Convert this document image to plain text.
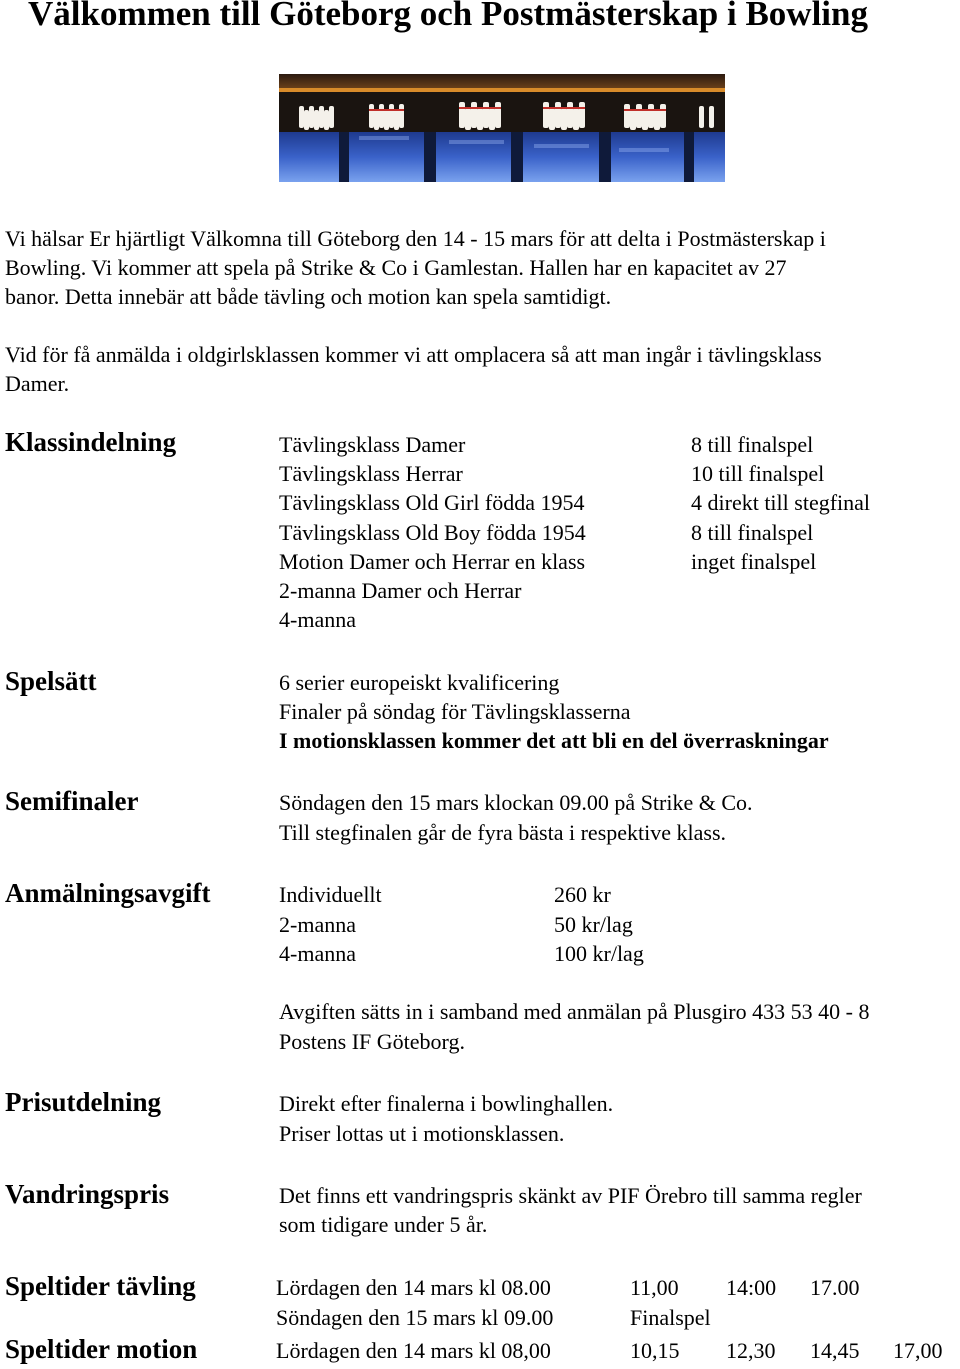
Välkommen till Göteborg och Postmästerskap i Bowling
Vi hälsar Er hjärtligt Välkomna till Göteborg den 14 - 15 mars för att delta i Postmästerskap i
Bowling. Vi kommer att spela på Strike & Co i Gamlestan. Hallen har en kapacitet av 27
banor. Detta innebär att både tävling och motion kan spela samtidigt.
Vid för få anmälda i oldgirlsklassen kommer vi att omplacera så att man ingår i tävlingsklass
Damer.
Klassindelning	Tävlingsklass Damer	8 till finalspel
Tävlingsklass Herrar	10 till finalspel
Tävlingsklass Old Girl födda 1954	4 direkt till stegfinal
Tävlingsklass Old Boy födda 1954	8 till finalspel
Motion Damer och Herrar en klass	inget finalspel
2-manna Damer och Herrar
4-manna
Spelsätt	6 serier europeiskt kvalificering
Finaler på söndag för Tävlingsklasserna
I motionsklassen kommer det att bli en del överraskningar
Semifinaler	Söndagen den 15 mars klockan 09.00 på Strike & Co.
Till stegfinalen går de fyra bästa i respektive klass.
Anmälningsavgift	Individuellt	260 kr
2-manna	50 kr/lag
4-manna	100 kr/lag
Avgiften sätts in i samband med anmälan på Plusgiro 433 53 40 - 8
Postens IF Göteborg.
Prisutdelning	Direkt efter finalerna i bowlinghallen.
Priser lottas ut i motionsklassen.
Vandringspris	Det finns ett vandringspris skänkt av PIF Örebro till samma regler
som tidigare under 5 år.
Speltider tävling	Lördagen den 14 mars kl 08.00	11,00 14:00 17.00
Söndagen den 15 mars kl 09.00	Finalspel
Speltider motion	Lördagen den 14 mars kl 08,00	10,15 12,30 14,45 17,00
